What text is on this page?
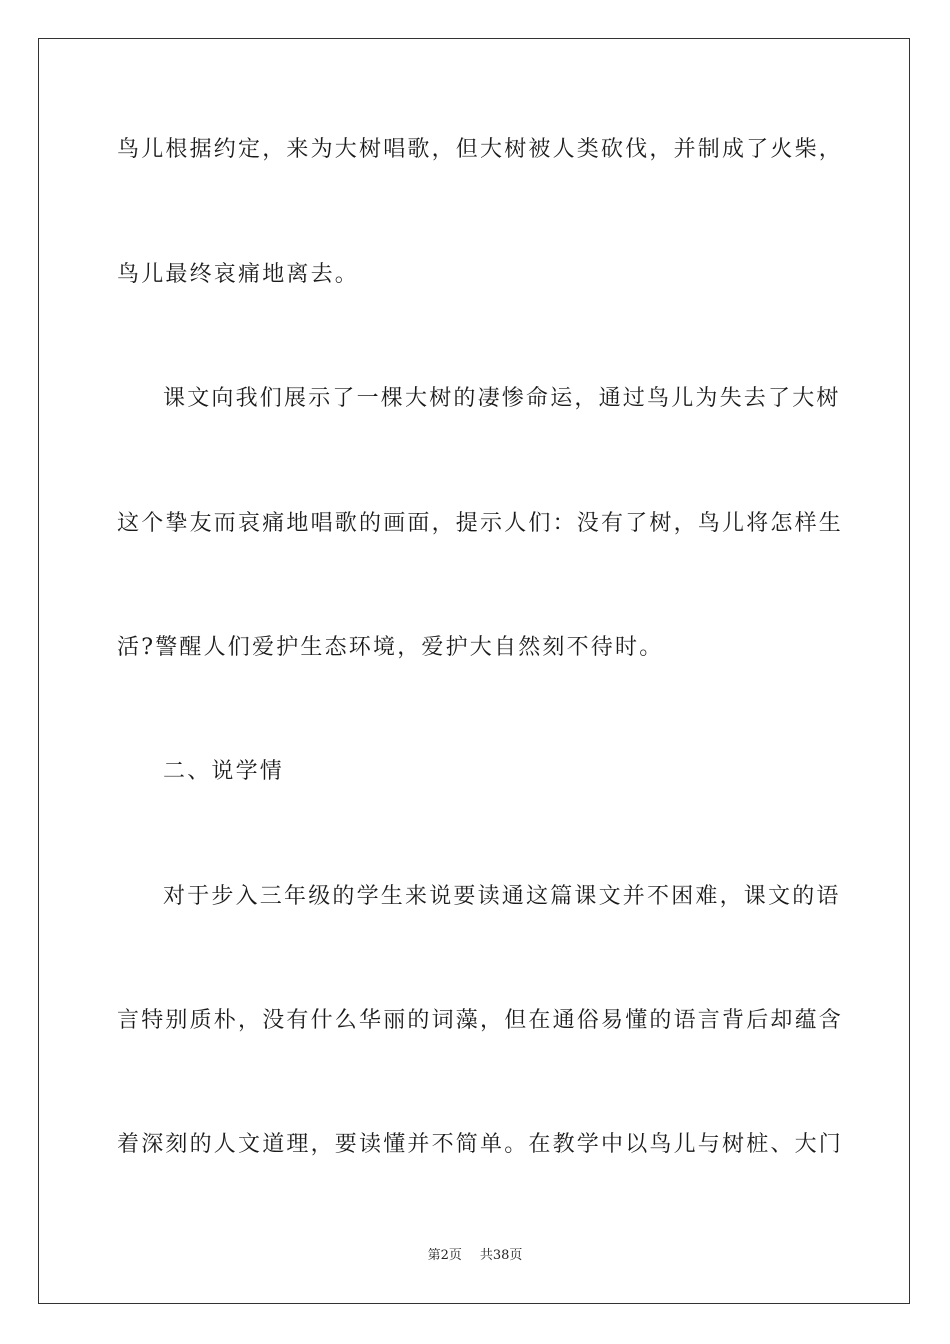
鸟儿根据约定，来为大树唱歌，但大树被人类砍伐，并制成了火柴，
鸟儿最终哀痛地离去。
课文向我们展示了一棵大树的凄惨命运，通过鸟儿为失去了大树
这个挚友而哀痛地唱歌的画面，提示人们：没有了树，鸟儿将怎样生
活?警醒人们爱护生态环境，爱护大自然刻不待时。
二、说学情
对于步入三年级的学生来说要读通这篇课文并不困难，课文的语
言特别质朴，没有什么华丽的词藻，但在通俗易懂的语言背后却蕴含
着深刻的人文道理，要读懂并不简单。在教学中以鸟儿与树桩、大门
第2页 共38页
